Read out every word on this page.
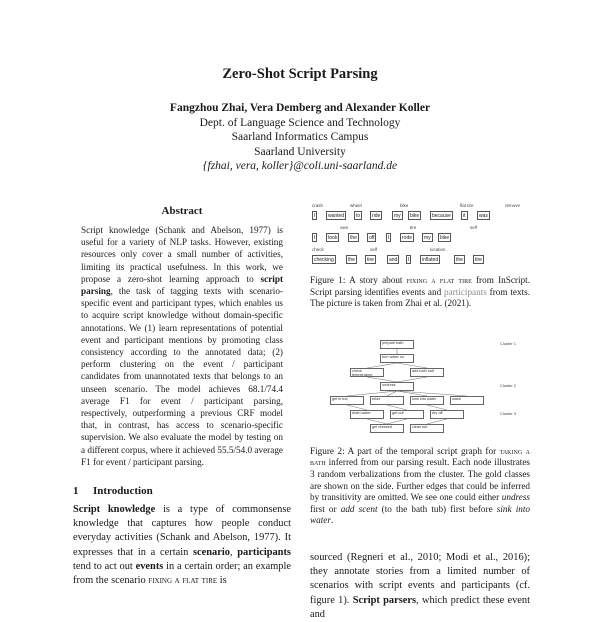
Zero-Shot Script Parsing
Fangzhou Zhai, Vera Demberg and Alexander Koller
Dept. of Language Science and Technology
Saarland Informatics Campus
Saarland University
{fzhai, vera, koller}@coli.uni-saarland.de
Abstract
Script knowledge (Schank and Abelson, 1977) is useful for a variety of NLP tasks. However, existing resources only cover a small number of activities, limiting its practical usefulness. In this work, we propose a zero-shot learning approach to script parsing, the task of tagging texts with scenario-specific event and participant types, which enables us to acquire script knowledge without domain-specific annotations. We (1) learn representations of potential event and participant mentions by promoting class consistency according to the annotated data; (2) perform clustering on the event / participant candidates from unannotated texts that belongs to an unseen scenario. The model achieves 68.1/74.4 average F1 for event / participant parsing, respectively, outperforming a previous CRF model that, in contrast, has access to scenario-specific supervision. We also evaluate the model by testing on a different corpus, where it achieved 55.5/54.0 average F1 for event / participant parsing.
1 Introduction
Script knowledge is a type of commonsense knowledge that captures how people conduct everyday activities (Schank and Abelson, 1977). It expresses that in a certain scenario, participants tend to act out events in a certain order; an example from the scenario fixing a flat tire is
I	wanted	to	ride	my	bike	because	it	was
I	took	the	off	I	rode	my	bike
checking	the	tire	and	I	inflated	the	tire
crash	wheel	bike	flat tire	remove
own	tire	self
check	self	location
Figure 1: A story about fixing a flat tire from InScript. Script parsing identifies events and participants from texts. The picture is taken from Zhai et al. (2021).
prepare bath
turn water on
check temperature
add bath salt
undress
get in tub	relax	sink into water	wash
drain water	get out	dry off
get dressed	clean tub
Cluster 1
Cluster 2
Cluster 3
Figure 2: A part of the temporal script graph for taking a bath inferred from our parsing result. Each node illustrates 3 random verbalizations from the cluster. The gold classes are shown on the side. Further edges that could be inferred by transitivity are omitted. We see one could either undress first or add scent (to the bath tub) first before sink into water.
sourced (Regneri et al., 2010; Modi et al., 2016); they annotate stories from a limited number of scenarios with script events and participants (cf. figure 1). Script parsers, which predict these event and
